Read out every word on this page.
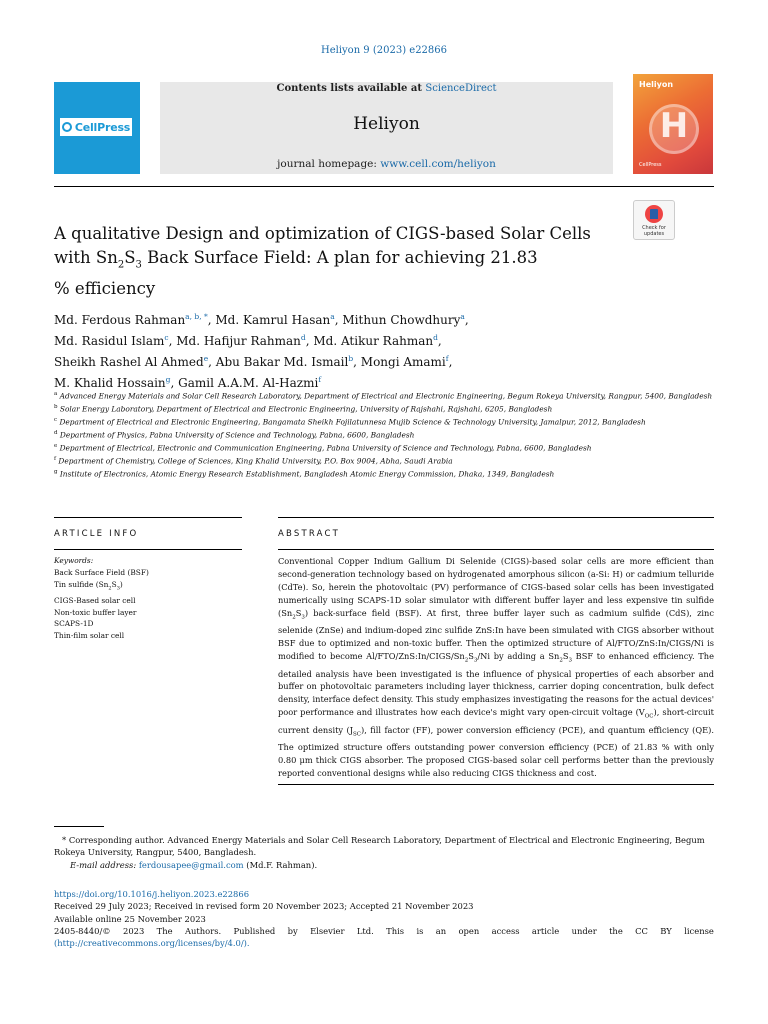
Heliyon 9 (2023) e22866
CellPress
Contents lists available at ScienceDirect
Heliyon
journal homepage: www.cell.com/heliyon
Heliyon
H
CellPress
Check for updates
A qualitative Design and optimization of CIGS-based Solar Cells
with $Sn_2S_3$ Back Surface Field: A plan for achieving 21.83
% efficiency
Md. Ferdous Rahman$^{a, b, *}$, Md. Kamrul Hasan$^a$, Mithun Chowdhury$^a$,
Md. Rasidul Islam$^c$, Md. Hafijur Rahman$^d$, Md. Atikur Rahman$^d$,
Sheikh Rashel Al Ahmed$^e$, Abu Bakar Md. Ismail$^b$, Mongi Amami$^f$,
M. Khalid Hossain$^g$, Gamil A.A.M. Al-Hazmi$^f$
$^a$ Advanced Energy Materials and Solar Cell Research Laboratory, Department of Electrical and Electronic Engineering, Begum Rokeya University, Rangpur, 5400, Bangladesh
$^b$ Solar Energy Laboratory, Department of Electrical and Electronic Engineering, University of Rajshahi, Rajshahi, 6205, Bangladesh
$^c$ Department of Electrical and Electronic Engineering, Bangamata Sheikh Fojilatunnesa Mujib Science & Technology University, Jamalpur, 2012, Bangladesh
$^d$ Department of Physics, Pabna University of Science and Technology, Pabna, 6600, Bangladesh
$^e$ Department of Electrical, Electronic and Communication Engineering, Pabna University of Science and Technology, Pabna, 6600, Bangladesh
$^f$ Department of Chemistry, College of Sciences, King Khalid University, P.O. Box 9004, Abha, Saudi Arabia
$^g$ Institute of Electronics, Atomic Energy Research Establishment, Bangladesh Atomic Energy Commission, Dhaka, 1349, Bangladesh
ARTICLE INFO	ABSTRACT
Keywords:
Back Surface Field (BSF)
Tin sulfide $(Sn_2S_3)$
CIGS-Based solar cell
Non-toxic buffer layer
SCAPS-1D
Thin-film solar cell
Conventional Copper Indium Gallium Di Selenide (CIGS)-based solar cells are more efficient than second-generation technology based on hydrogenated amorphous silicon (a-Si: H) or cadmium telluride (CdTe). So, herein the photovoltaic (PV) performance of CIGS-based solar cells has been investigated numerically using SCAPS-1D solar simulator with different buffer layer and less expensive tin sulfide $(Sn_2S_3)$ back-surface field (BSF). At first, three buffer layer such as cadmium sulfide (CdS), zinc selenide (ZnSe) and indium-doped zinc sulfide ZnS:In have been simulated with CIGS absorber without BSF due to optimized and non-toxic buffer. Then the optimized structure of Al/FTO/ZnS:In/CIGS/Ni is modified to become $Al/FTO/ZnS:In/CIGS/Sn_2S_3/Ni$ by adding a $Sn_2S_3$ BSF to enhanced efficiency. The detailed analysis have been investigated is the influence of physical properties of each absorber and buffer on photovoltaic parameters including layer thickness, carrier doping concentration, bulk defect density, interface defect density. This study emphasizes investigating the reasons for the actual devices' poor performance and illustrates how each device's might vary open-circuit voltage $(V_{OC})$, short-circuit current density $(J_{SC})$, fill factor (FF), power conversion efficiency (PCE), and quantum efficiency (QE). The optimized structure offers outstanding power conversion efficiency (PCE) of 21.83 % with only 0.80 μm thick CIGS absorber. The proposed CIGS-based solar cell performs better than the previously reported conventional designs while also reducing CIGS thickness and cost.
* Corresponding author. Advanced Energy Materials and Solar Cell Research Laboratory, Department of Electrical and Electronic Engineering, Begum Rokeya University, Rangpur, 5400, Bangladesh.
E-mail address: ferdousapee@gmail.com (Md.F. Rahman).
https://doi.org/10.1016/j.heliyon.2023.e22866
Received 29 July 2023; Received in revised form 20 November 2023; Accepted 21 November 2023
Available online 25 November 2023
2405-8440/© 2023 The Authors. Published by Elsevier Ltd. This is an open access article under the CC BY license
(http://creativecommons.org/licenses/by/4.0/).
